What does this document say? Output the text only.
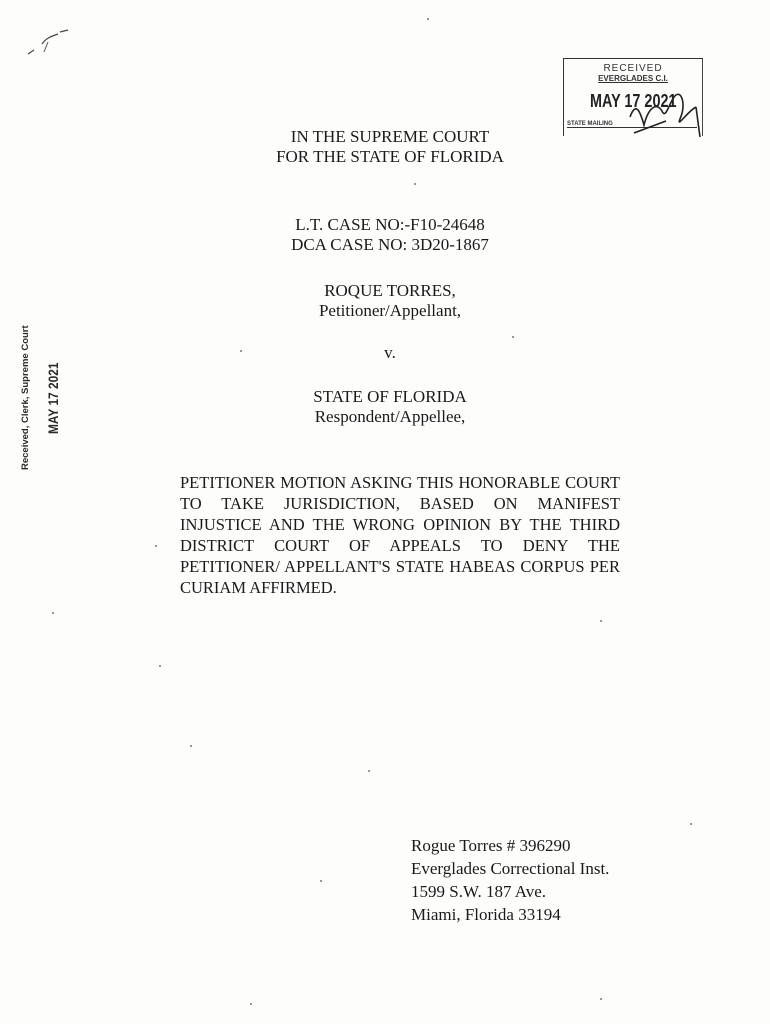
RECEIVED
EVERGLADES C.I.
MAY 17 2021
STATE MAILING
Received, Clerk, Supreme Court MAY 17 2021
IN THE SUPREME COURT
FOR THE STATE OF FLORIDA
L.T. CASE NO:-F10-24648
DCA CASE NO: 3D20-1867
ROQUE TORRES,
Petitioner/Appellant,
v.
STATE OF FLORIDA
Respondent/Appellee,
PETITIONER MOTION ASKING THIS HONORABLE COURT TO TAKE JURISDICTION, BASED ON MANIFEST INJUSTICE AND THE WRONG OPINION BY THE THIRD DISTRICT COURT OF APPEALS TO DENY THE PETITIONER/ APPELLANT'S STATE HABEAS CORPUS PER CURIAM AFFIRMED.
Rogue Torres # 396290
Everglades Correctional Inst.
1599 S.W. 187 Ave.
Miami, Florida 33194
